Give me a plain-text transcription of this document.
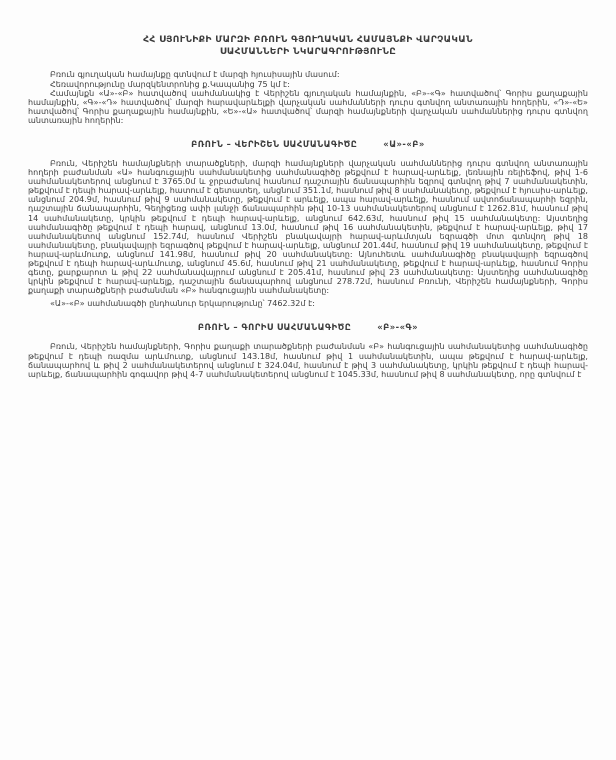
ՀՀ ՍՅՈՒՆԻՔԻ ՄԱՐԶԻ ԲՌՈՒՆ ԳՅՈՒՂԱԿԱՆ ՀԱՄԱՅՆՔԻ ՎԱՐՉԱԿԱՆ
ՍԱՀՄԱՆՆԵՐԻ ՆԿԱՐԱԳՐՈՒԹՅՈՒՆԸ

Բռուն գյուղական համայնքը գտնվում է մարզի հյուսիսային մասում:

Հեռավորությունը մարզկենտրոնից ք.Կապանից 75 կմ է:

Համայնքն «Ա»-«Բ» հատվածով սահմանակից է Վերիշեն գյուղական համայնքին, «Բ»-«Գ» հատվածով՝ Գորիս քաղաքային համայնքին, «Գ»-«Դ» հատվածով՝ մարզի հարավարևելքի վարչական սահմանների դուրս գտնվող անտառային հողերին, «Դ»-«Ե» հատվածով՝ Գորիս քաղաքային համայնքին, «Ե»-«Ա» հատվածով՝ մարզի համայնքների վարչական սահմաններից դուրս գտնվող անտառային հողերին:

ԲՌՈՒՆ – ՎԵՐԻՇԵՆ ՍԱՀՄԱՆԱԳԻԾԸ	«Ա»-«Բ»

Բռուն, Վերիշեն համայնքների տարածքների, մարզի համայնքների վարչական սահմաններից դուրս գտնվող անտառային հողերի բաժանման «Ա» հանգուցային սահմանակետից սահմանագիծը թեքվում է հարավ-արևելք, լեռնային ռելիեֆով, թիվ 1-6 սահմանակետերով անցնում է 3765.0մ և ջրբաժանով հասնում դաշտային ճանապարհին եզրով գտնվող թիվ 7 սահմանակետին, թեքվում է դեպի հարավ-արևելք, հատում է գետատեղ, անցնում 351.1մ, հասնում թիվ 8 սահմանակետը, թեքվում է հյուսիս-արևելք, անցնում 204.9մ, հասնում թիվ 9 սահմանակետը, թեքվում է արևելք, ապա հարավ-արևելք, հասնում ավտոճանապարհի եզրին, դաշտային ճանապարհին, Գեղիցեռց ափի լանջի ճանապարհին թիվ 10-13 սահմանակետերով անցնում է 1262.81մ, հասնում թիվ 14 սահմանակետը, կրկին թեքվում է դեպի հարավ-արևելք, անցնում 642.63մ, հասնում թիվ 15 սահմանակետը: Այստեղից սահմանագիծը թեքվում է դեպի հարավ, անցնում 13.0մ, հասնում թիվ 16 սահմանակետին, թեքվում է հարավ-արևելք, թիվ 17 սահմանակետով անցնում 152.74մ, հասնում Վերիշեն բնակավայրի հարավ-արևմտյան եզրագծի մոտ գտնվող թիվ 18 սահմանակետը, բնակավայրի եզրագծով թեքվում է հարավ-արևելք, անցնում 201.44մ, հասնում թիվ 19 սահմանակետը, թեքվում է հարավ-արևմուտք, անցնում 141.98մ, հասնում թիվ 20 սահմանակետը: Այնուհետև սահմանագիծը բնակավայրի եզրագծով թեքվում է դեպի հարավ-արևմուտք, անցնում 45.6մ, հասնում թիվ 21 սահմանակետը, թեքվում է հարավ-արևելք, հասնում Գորիս գետը, քարքարոտ և թիվ 22 սահմանավայրում անցնում է 205.41մ, հասնում թիվ 23 սահմանակետը: Այստեղից սահմանագիծը կրկին թեքվում է հարավ-արևելք, դաշտային ճանապարհով անցնում 278.72մ, հասնում Բռունի, Վերիշեն համայնքների, Գորիս քաղաքի տարածքների բաժանման «Բ» հանգուցային սահմանակետը:

«Ա»-«Բ» սահմանագծի ընդհանուր երկարությունը՝ 7462.32մ է:

ԲՌՈՒՆ – ԳՈՐԻՍ ՍԱՀՄԱՆԱԳԻԾԸ	«Բ»-«Գ»

Բռուն, Վերիշեն համայնքների, Գորիս քաղաքի տարածքների բաժանման «Բ» հանգուցային սահմանակետից սահմանագիծը թեքվում է դեպի ռազմա արևմուտք, անցնում 143.18մ, հասնում թիվ 1 սահմանակետին, ապա թեքվում է հարավ-արևելք, ճանապարհով և թիվ 2 սահմանակետերով անցնում է 324.04մ, հասնում է թիվ 3 սահմանակետը, կրկին թեքվում է դեպի հարավ-արևելք, ճանապարհին գոգավոր թիվ 4-7 սահմանակետերով անցնում է 1045.33մ, հասնում թիվ 8 սահմանակետը, որը գտնվում է
